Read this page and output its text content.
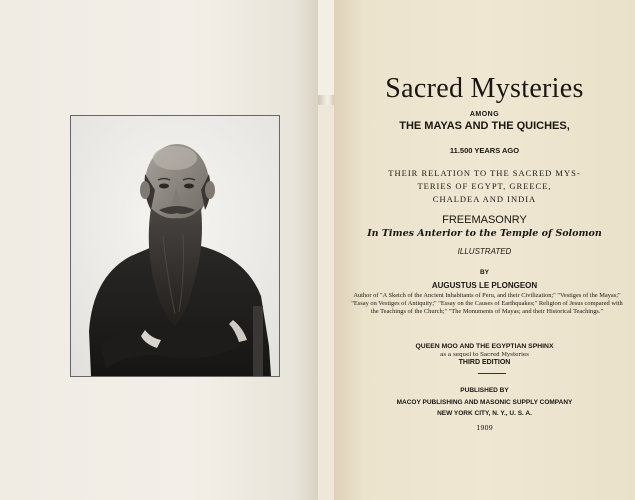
Sacred Mysteries
AMONG
THE MAYAS AND THE QUICHES,
11.500 YEARS AGO
THEIR RELATION TO THE SACRED MYS-
TERIES OF EGYPT, GREECE,
CHALDEA AND INDIA
FREEMASONRY
In Times Anterior to the Temple of Solomon
ILLUSTRATED
BY
AUGUSTUS LE PLONGEON
Author of "A Sketch of the Ancient Inhabitants of Peru, and their Civilization;" "Vestiges of the Mayas;" "Essay on Vestiges of Antiquity;" "Essay on the Causes of Earthquakes;" Religion of Jesus compared with the Teachings of the Church;" "The Monuments of Mayas; and their Historical Teachings."
QUEEN MOO AND THE EGYPTIAN SPHINX
as a sequel to Sacred Mysteries
THIRD EDITION
PUBLISHED BY
MACOY PUBLISHING AND MASONIC SUPPLY COMPANY
NEW YORK CITY, N. Y., U. S. A.
1909
